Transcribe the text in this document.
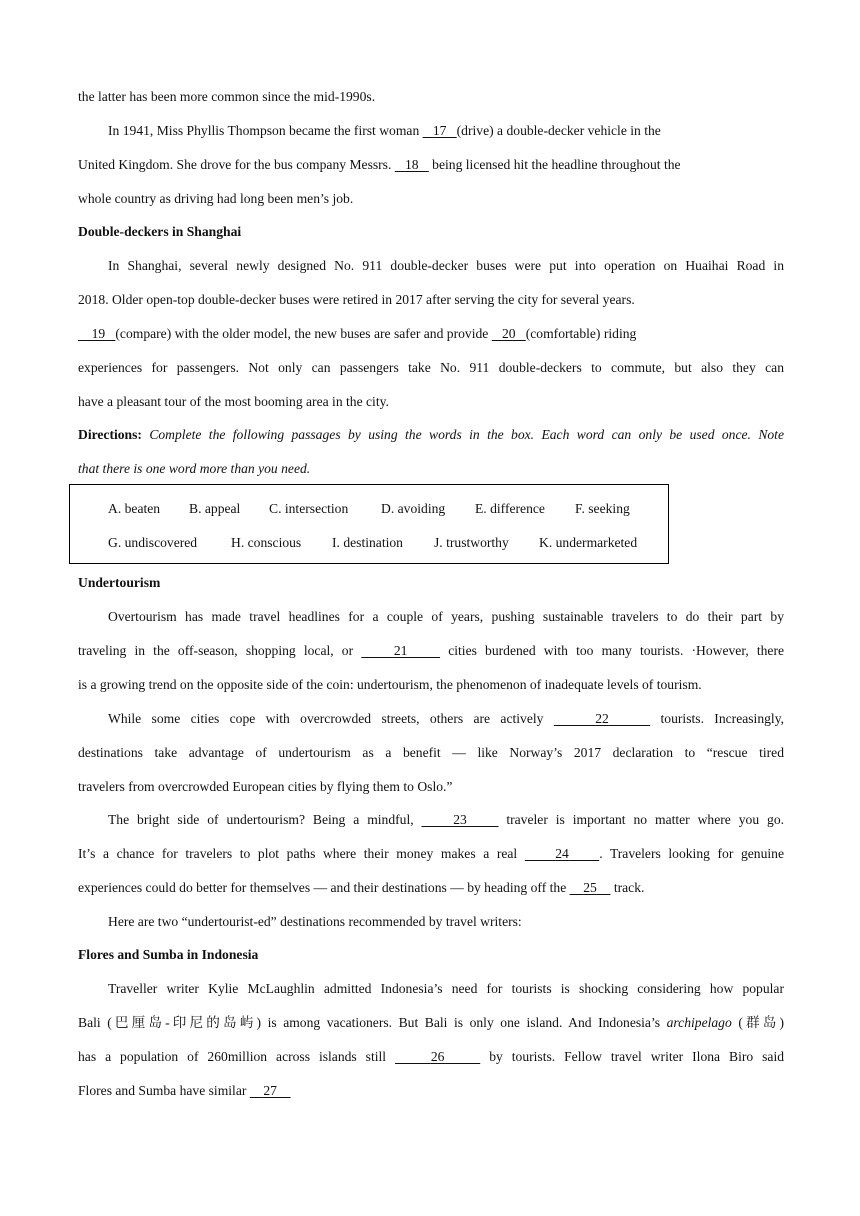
the latter has been more common since the mid-1990s.
In 1941, Miss Phyllis Thompson became the first woman    17 (drive) a double-decker vehicle in the
United Kingdom. She drove for the bus company Messrs.    18    being licensed hit the headline throughout the
whole country as driving had long been men’s job.
Double-deckers in Shanghai
In Shanghai, several newly designed No. 911 double-decker buses were put into operation on Huaihai Road in
2018. Older open-top double-decker buses were retired in 2017 after serving the city for several years.
19 (compare) with the older model, the new buses are safer and provide    20 (comfortable) riding
experiences for passengers. Not only can passengers take No. 911 double-deckers to commute, but also they can
have a pleasant tour of the most booming area in the city.
Directions: Complete the following passages by using the words in the box. Each word can only be used once. Note
that there is one word more than you need.
A. beaten B. appeal C. intersection D. avoiding E. difference F. seeking
G. undiscovered H. conscious I. destination J. trustworthy K. undermarketed
Undertourism
Overtourism has made travel headlines for a couple of years, pushing sustainable travelers to do their part by
traveling in the off-season, shopping local, or     21     cities burdened with too many tourists. ·However, there
is a growing trend on the opposite side of the coin: undertourism, the phenomenon of inadequate levels of tourism.
While some cities cope with overcrowded streets, others are actively	22	tourists. Increasingly,
destinations take advantage of undertourism as a benefit — like Norway’s 2017 declaration to “rescue tired
travelers from overcrowded European cities by flying them to Oslo.”
The bright side of undertourism? Being a mindful,     23     traveler is important no matter where you go.
It’s a chance for travelers to plot paths where their money makes a real     24 . Travelers looking for genuine
experiences could do better for themselves — and their destinations — by heading off the     25     track.
Here are two “undertourist-ed” destinations recommended by travel writers:
Flores and Sumba in Indonesia
Traveller writer Kylie McLaughlin admitted Indonesia’s need for tourists is shocking considering how popular
Bali (巴厘岛-印尼的岛屿) is among vacationers. But Bali is only one island. And Indonesia’s archipelago (群岛)
has a population of 260million across islands still	26	by tourists. Fellow travel writer Ilona Biro said
Flores and Sumba have similar     27
